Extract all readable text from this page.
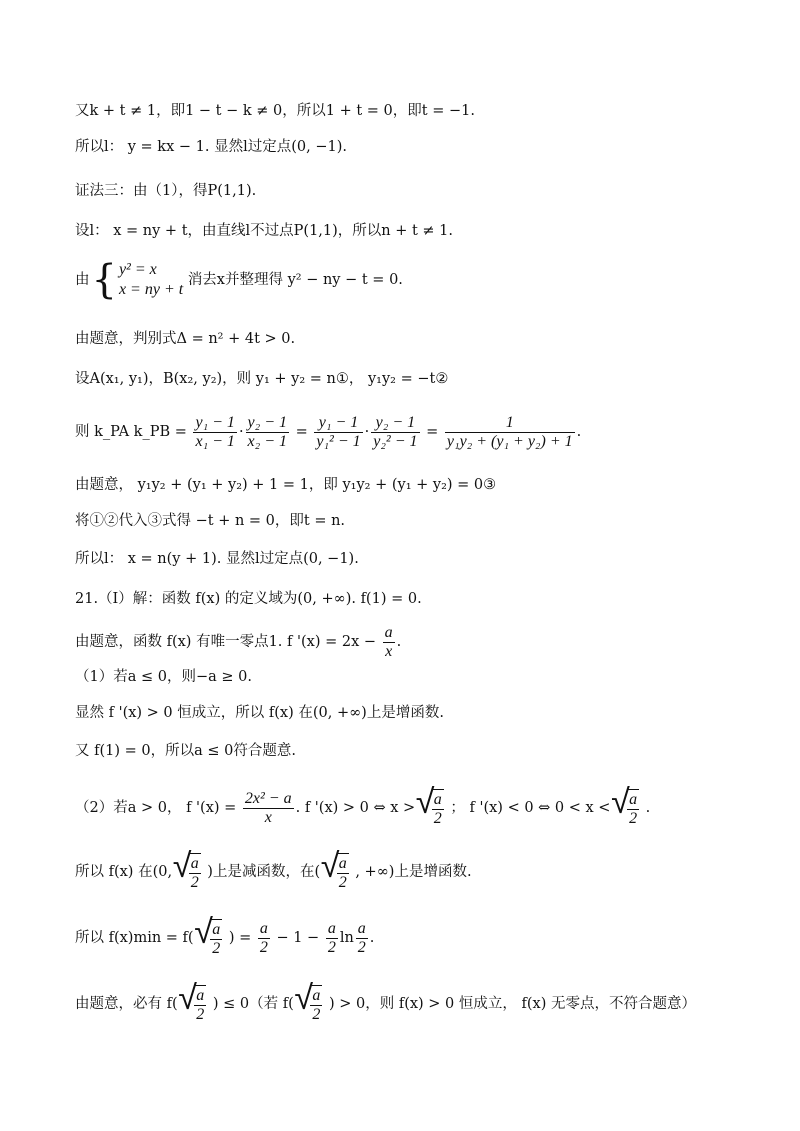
又k + t ≠ 1，即1 − t − k ≠ 0，所以1 + t = 0，即t = −1.
所以l： y = kx − 1. 显然l过定点(0, −1).
证法三：由（1），得P(1,1).
设l： x = ny + t，由直线l不过点P(1,1)，所以n + t ≠ 1.
由{ y² = x
x = ny + t
消去x并整理得 y² − ny − t = 0.
由题意，判别式Δ = n² + 4t > 0.
设A(x₁, y₁)，B(x₂, y₂)，则 y₁ + y₂ = n①， y₁y₂ = −t②
则 k_PA k_PB = $\frac{\text{y₁ − 1}}{\text{x₁ − 1}} \cdot \frac{\text{y₂ − 1}}{\text{x₂ − 1}} = \frac{\text{y₁ − 1}}{\text{y₁² − 1}} \cdot \frac{\text{y₂ − 1}}{\text{y₂² − 1}} = \frac{1}{\text{y₁y₂ + (y₁ + y₂) + 1}}$ .
由题意， y₁y₂ + (y₁ + y₂) + 1 = 1，即 y₁y₂ + (y₁ + y₂) = 0③
将①②代入③式得 −t + n = 0，即t = n.
所以l： x = n(y + 1). 显然l过定点(0, −1).
21.（Ⅰ）解：函数 f(x) 的定义域为(0, +∞). f(1) = 0.
由题意，函数 f(x) 有唯一零点1. f '$(x) = 2x - \frac{a}{x}$ .
（1）若a ≤ 0，则−a ≥ 0.
显然 f '(x) > 0 恒成立，所以 f(x) 在(0, +∞)上是增函数.
又 f(1) = 0，所以a ≤ 0符合题意.
（2）若a > 0， f '$(x) = \frac{\text{2x² − a}}{x}$ . f '(x) > 0 ⇔ x > √ $\frac{a}{2}$ ； f '(x) < 0 ⇔ 0 < x < √ $\frac{a}{2}$ .
所以 f(x) 在(0, √ $\frac{a}{2}$ )上是减函数，在( √ $\frac{a}{2}$ , +∞)上是增函数.
所以 f(x)min = f( √ $\frac{a}{2}$ ) = $\frac{a}{2} - 1 - \frac{a}{2}$ $\ln \frac{a}{2}$ .
由题意，必有 f( √ $\frac{a}{2}$ ) ≤ 0（若 f( √ $\frac{a}{2}$ ) > 0，则 f(x) > 0 恒成立， f(x) 无零点，不符合题意）
